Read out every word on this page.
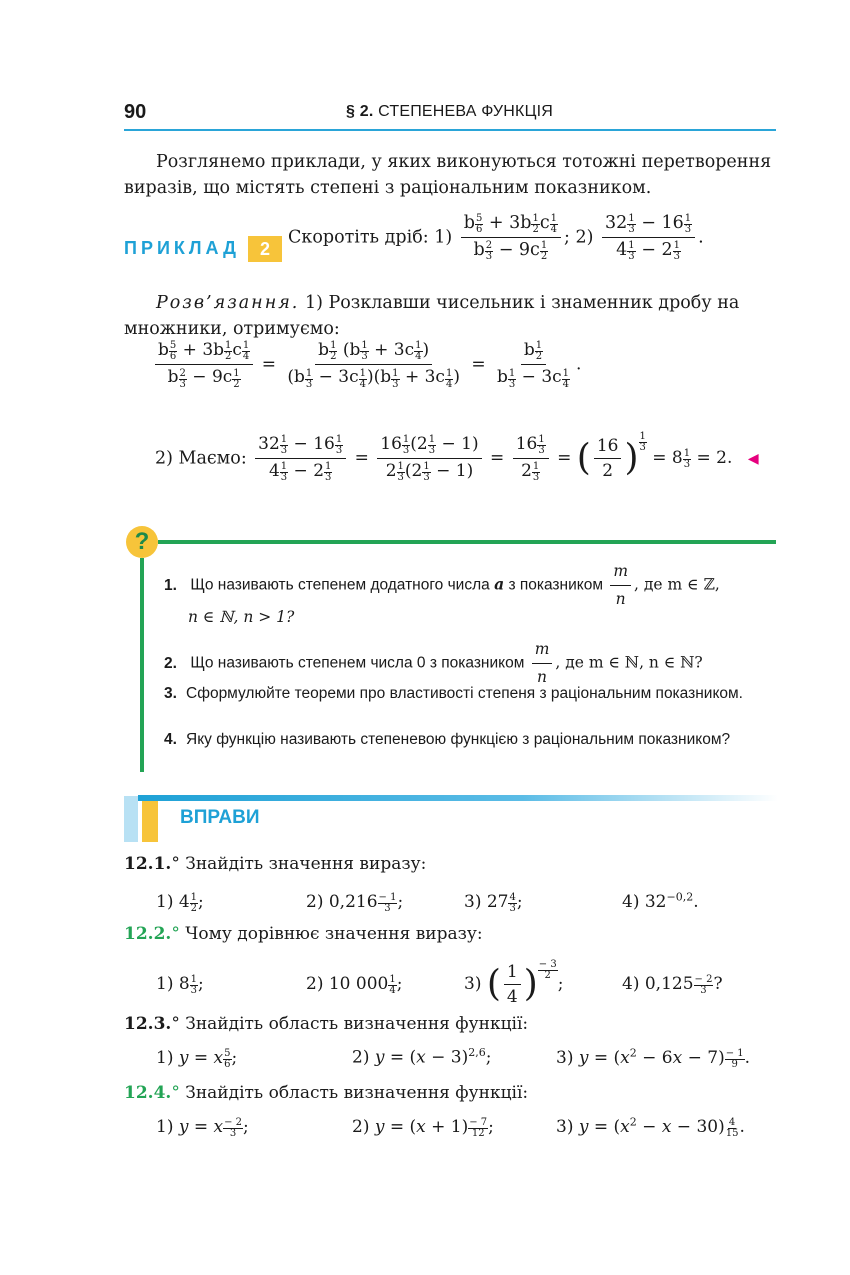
90	§ 2. СТЕПЕНЕВА ФУНКЦІЯ
Розглянемо приклади, у яких виконуються тотожні перетворення виразів, що містять степені з раціональним показником.
ПРИКЛАД	2
Скоротіть дріб: $1) \frac{b \frac{5}{6} + 3b \frac{1}{2} c \frac{1}{4}}{b \frac{2}{3} - 9c \frac{1}{2}}$ ; $2) \frac{32 \frac{1}{3} - 16 \frac{1}{3}}{4 \frac{1}{3} - 2 \frac{1}{3}}$ .
Розв’язання. 1) Розклавши чисельник і знаменник дробу на множники, отримуємо:
$\frac{b \frac{5}{6} + 3b \frac{1}{2} c \frac{1}{4}}{b \frac{2}{3} - 9c \frac{1}{2}} = \frac{b \frac{1}{2} (b \frac{1}{3} + 3c \frac{1}{4} )}{(b \frac{1}{3} - 3c \frac{1}{4} )(b \frac{1}{3} + 3c \frac{1}{4} )} = \frac{b \frac{1}{2}}{b \frac{1}{3} - 3c \frac{1}{4}}$ .
2) Маємо: $\frac{32 \frac{1}{3} - 16 \frac{1}{3}}{4 \frac{1}{3} - 2 \frac{1}{3}} = \frac{16 \frac{1}{3} (2 \frac{1}{3} - 1)}{2 \frac{1}{3} (2 \frac{1}{3} - 1)} = \frac{16 \frac{1}{3}}{2 \frac{1}{3}}$ = ( $\frac{16}{2}$ ) $\frac{1}{3}$
= $8 \frac{1}{3} = 2$. ◀
?
1. Що називають степенем додатного числа a з показником $\frac{m}{n}$ , де m ∈ ℤ,
n ∈ ℕ, n > 1?
2. Що називають степенем числа 0 з показником $\frac{m}{n}$ , де m ∈ ℕ, n ∈ ℕ?
3. Сформулюйте теореми про властивості степеня з раціональним показником.
4. Яку функцію називають степеневою функцією з раціональним показником?
ВПРАВИ
12.1.° Знайдіть значення виразу:
1) $4 \frac{1}{2}$ ;	2) $0,216 \frac{- 1}{3}$ ;	3) $27 \frac{4}{3}$ ;	4) $32^{-0,2}$.
12.2.° Чому дорівнює значення виразу:
1) $8 \frac{1}{3}$ ;	2) 10 $000 \frac{1}{4}$ ;	3) ( $\frac{1}{4}$ ) $\frac{- 3}{2}$
;	4) $0,125 \frac{- 2}{3}$ ?
12.3.° Знайдіть область визначення функції:
1) y = x $\frac{5}{6}$ ;	2) $y = (x - 3)^{2,6}$;	3) $y = (x^2 - 6x - 7) \frac{- 1}{9}$ .
12.4.° Знайдіть область визначення функції:
1) y = x $\frac{- 2}{3}$ ;	2) $y = (x + 1) \frac{- 7}{12}$ ;	3) $y = (x^2 - x - 30) \frac{4}{15}$ .
